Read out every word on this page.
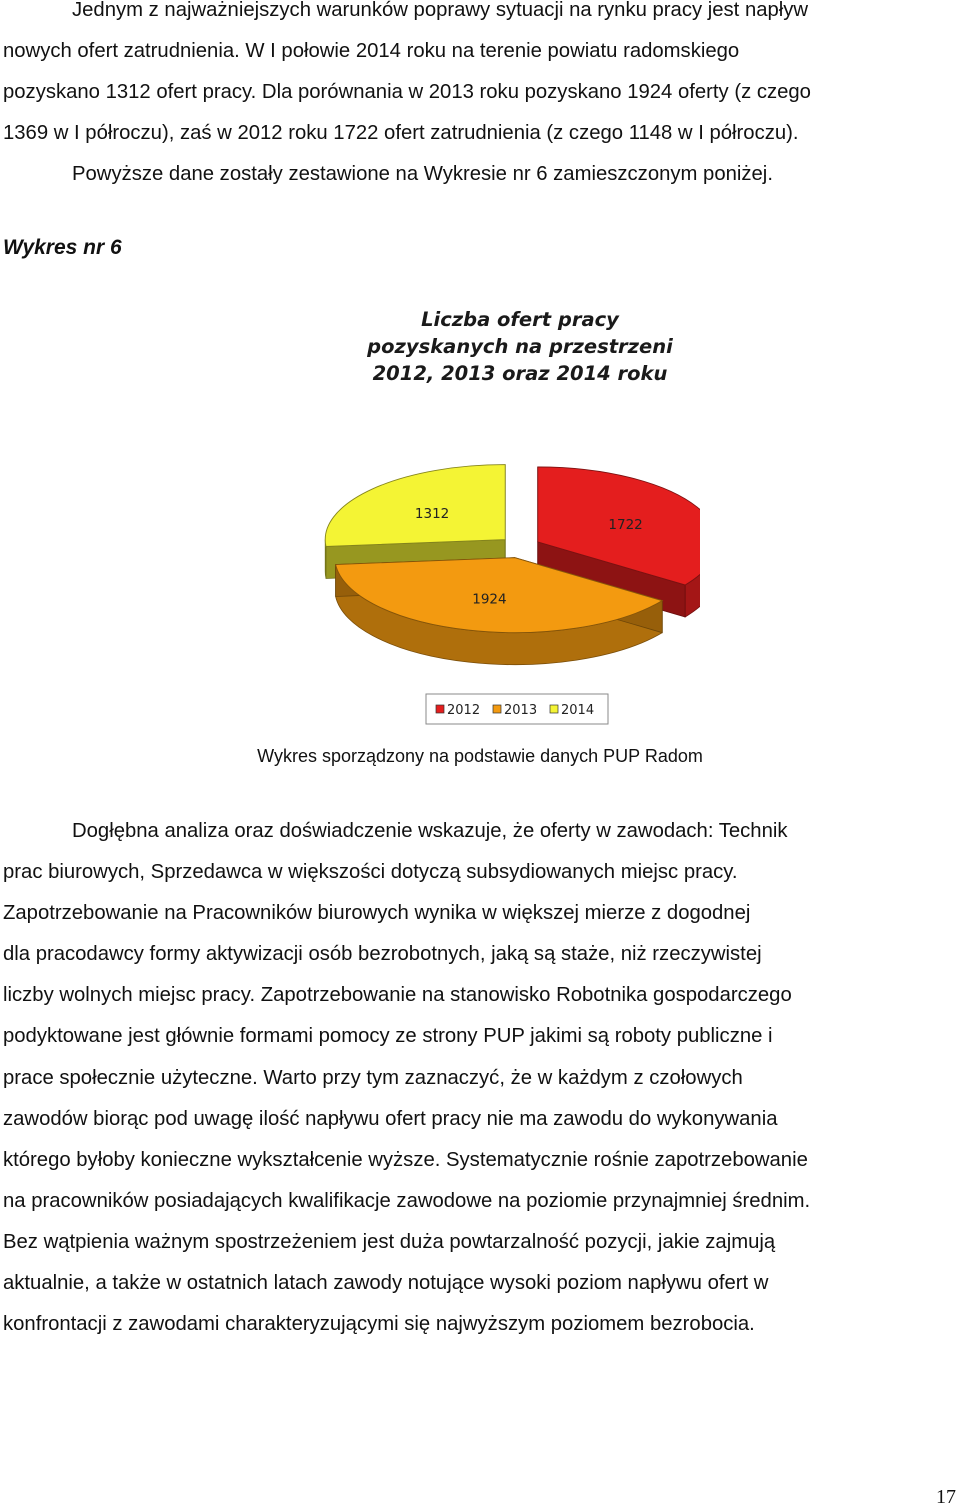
Jednym z najważniejszych warunków poprawy sytuacji na rynku pracy jest napływ
nowych ofert zatrudnienia. W I połowie 2014 roku na terenie powiatu radomskiego
pozyskano 1312 ofert pracy. Dla porównania w 2013 roku pozyskano 1924 oferty (z czego
1369 w I półroczu), zaś w 2012 roku 1722 ofert zatrudnienia (z czego 1148 w I półroczu).
Powyższe dane zostały zestawione na Wykresie nr 6 zamieszczonym poniżej.

Wykres nr 6

Liczba ofert pracy
pozyskanych na przestrzeni
2012, 2013 oraz 2014 roku
1312
1722
1924
2012 2013 2014

Wykres sporządzony na podstawie danych PUP Radom

Dogłębna analiza oraz doświadczenie wskazuje, że oferty w zawodach: Technik
prac biurowych, Sprzedawca w większości dotyczą subsydiowanych miejsc pracy.
Zapotrzebowanie na Pracowników biurowych wynika w większej mierze z dogodnej
dla pracodawcy formy aktywizacji osób bezrobotnych, jaką są staże, niż rzeczywistej
liczby wolnych miejsc pracy. Zapotrzebowanie na stanowisko Robotnika gospodarczego
podyktowane jest głównie formami pomocy ze strony PUP jakimi są roboty publiczne i
prace społecznie użyteczne. Warto przy tym zaznaczyć, że w każdym z czołowych
zawodów biorąc pod uwagę ilość napływu ofert pracy nie ma zawodu do wykonywania
którego byłoby konieczne wykształcenie wyższe. Systematycznie rośnie zapotrzebowanie
na pracowników posiadających kwalifikacje zawodowe na poziomie przynajmniej średnim.
Bez wątpienia ważnym spostrzeżeniem jest duża powtarzalność pozycji, jakie zajmują
aktualnie, a także w ostatnich latach zawody notujące wysoki poziom napływu ofert w
konfrontacji z zawodami charakteryzującymi się najwyższym poziomem bezrobocia.

17
